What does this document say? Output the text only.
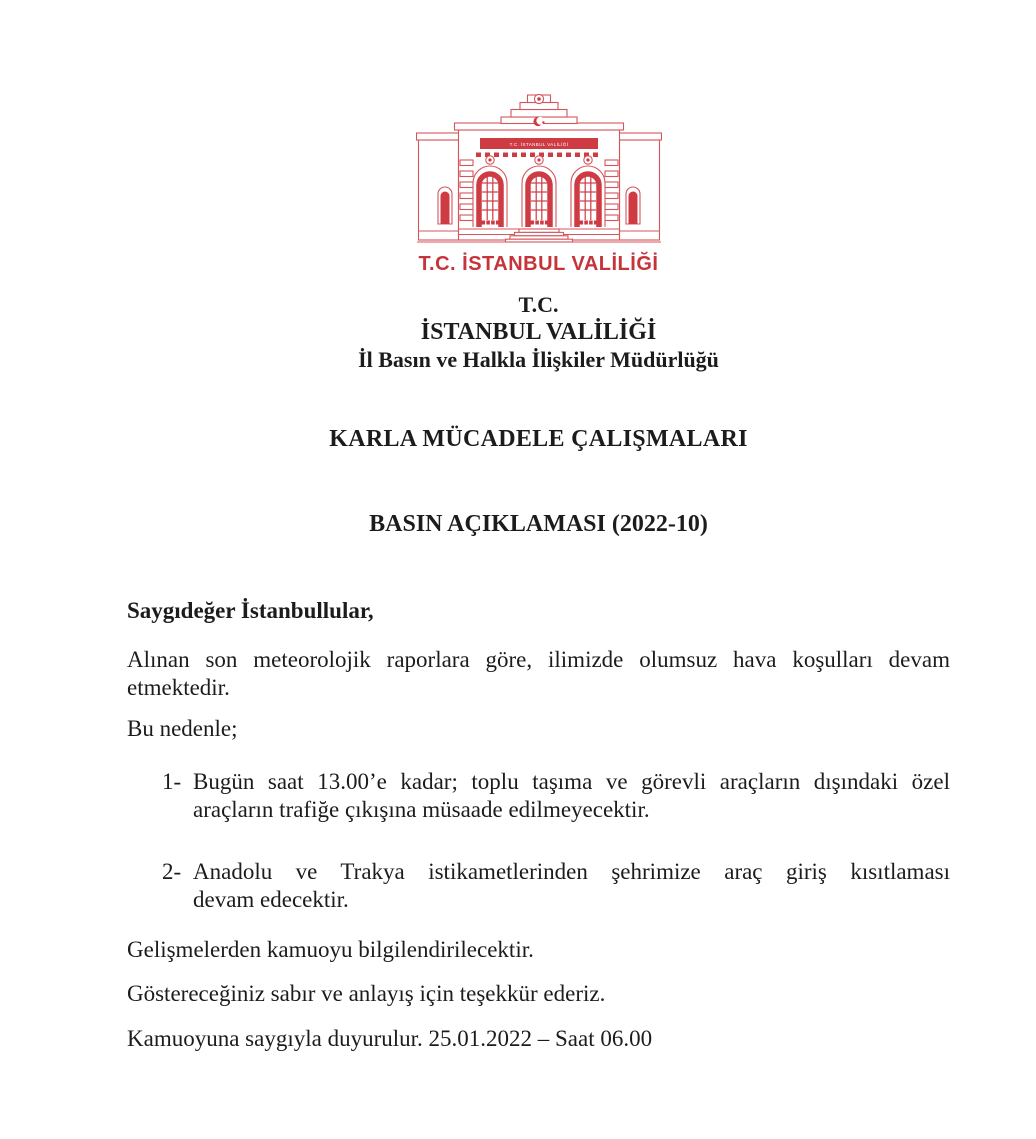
T.C. İSTANBUL VALİLİĞİ
T.C. İSTANBUL VALİLİĞİ
T.C.
İSTANBUL VALİLİĞİ
İl Basın ve Halkla İlişkiler Müdürlüğü
KARLA MÜCADELE ÇALIŞMALARI
BASIN AÇIKLAMASI (2022-10)

Saygıdeğer İstanbullular,

Alınan son meteorolojik raporlara göre, ilimizde olumsuz hava koşulları devam
etmektedir.
Bu nedenle;
1- Bugün saat 13.00’e kadar; toplu taşıma ve görevli araçların dışındaki özel
araçların trafiğe çıkışına müsaade edilmeyecektir.
2- Anadolu ve Trakya istikametlerinden şehrimize araç giriş kısıtlaması
devam edecektir.
Gelişmelerden kamuoyu bilgilendirilecektir.
Göstereceğiniz sabır ve anlayış için teşekkür ederiz.
Kamuoyuna saygıyla duyurulur. 25.01.2022 – Saat 06.00
